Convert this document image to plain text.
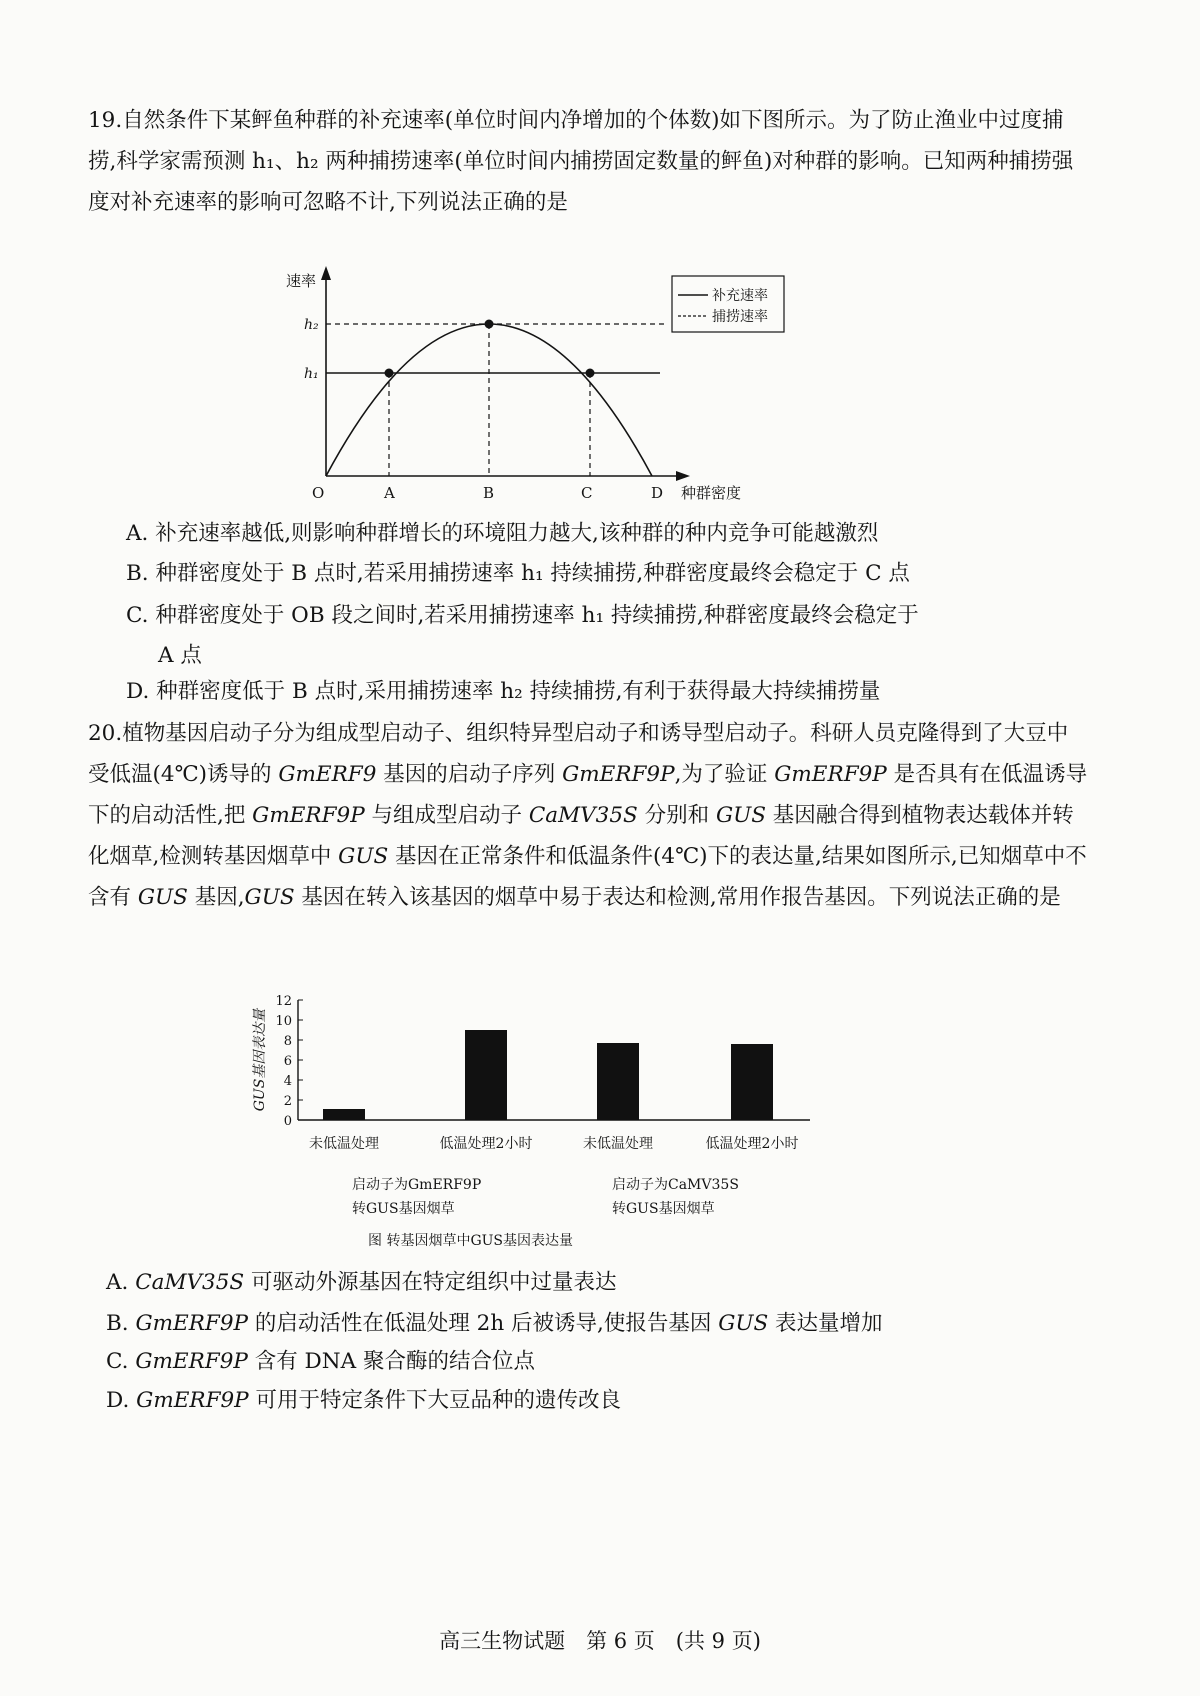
19.自然条件下某鲆鱼种群的补充速率(单位时间内净增加的个体数)如下图所示。为了防止渔业中过度捕捞,科学家需预测 h₁、h₂ 两种捕捞速率(单位时间内捕捞固定数量的鲆鱼)对种群的影响。已知两种捕捞强度对补充速率的影响可忽略不计,下列说法正确的是
速率
种群密度
h₂
h₁
O	A	B	C	D
补充速率
捕捞速率
A. 补充速率越低,则影响种群增长的环境阻力越大,该种群的种内竞争可能越激烈
B. 种群密度处于 B 点时,若采用捕捞速率 h₁ 持续捕捞,种群密度最终会稳定于 C 点
C. 种群密度处于 OB 段之间时,若采用捕捞速率 h₁ 持续捕捞,种群密度最终会稳定于
A 点
D. 种群密度低于 B 点时,采用捕捞速率 h₂ 持续捕捞,有利于获得最大持续捕捞量
20.植物基因启动子分为组成型启动子、组织特异型启动子和诱导型启动子。科研人员克隆得到了大豆中受低温(4℃)诱导的 GmERF9 基因的启动子序列 GmERF9P,为了验证 GmERF9P 是否具有在低温诱导下的启动活性,把 GmERF9P 与组成型启动子 CaMV35S 分别和 GUS 基因融合得到植物表达载体并转化烟草,检测转基因烟草中 GUS 基因在正常条件和低温条件(4℃)下的表达量,结果如图所示,已知烟草中不含有 GUS 基因,GUS 基因在转入该基因的烟草中易于表达和检测,常用作报告基因。下列说法正确的是
GUS基因表达量
0
2
4
6
8
10
12
未低温处理	低温处理2小时	未低温处理	低温处理2小时
启动子为GmERF9P
转GUS基因烟草
启动子为CaMV35S
转GUS基因烟草
图 转基因烟草中GUS基因表达量
A. CaMV35S 可驱动外源基因在特定组织中过量表达
B. GmERF9P 的启动活性在低温处理 2h 后被诱导,使报告基因 GUS 表达量增加
C. GmERF9P 含有 DNA 聚合酶的结合位点
D. GmERF9P 可用于特定条件下大豆品种的遗传改良
高三生物试题　第 6 页　(共 9 页)
